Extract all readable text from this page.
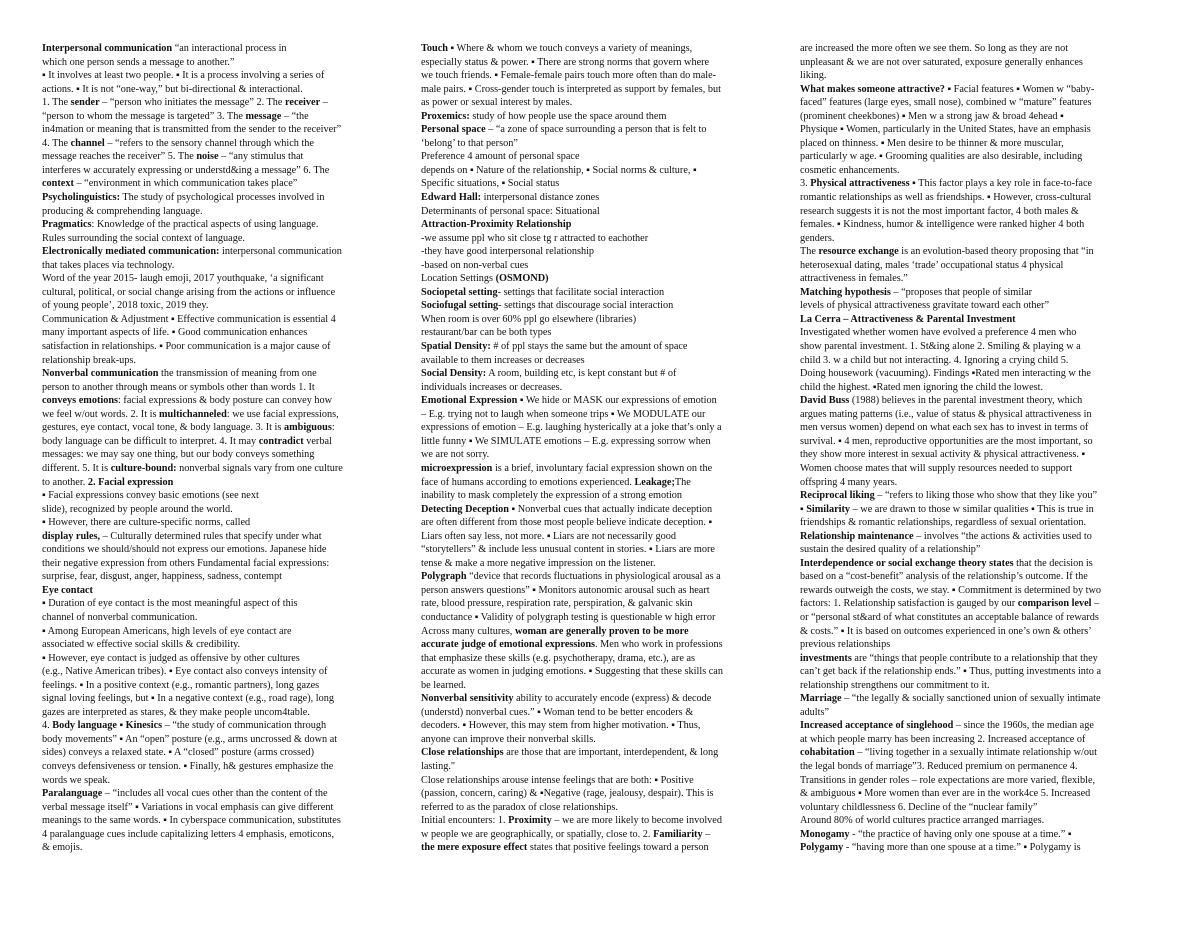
Interpersonal communication “an interactional process in
which one person sends a message to another.”
▪ It involves at least two people. ▪ It is a process involving a series of
actions. ▪ It is not “one-way,” but bi-directional & interactional.
1. The sender – “person who initiates the message” 2. The receiver –
“person to whom the message is targeted” 3. The message – “the
in4mation or meaning that is transmitted from the sender to the receiver”
4. The channel – “refers to the sensory channel through which the
message reaches the receiver” 5. The noise – “any stimulus that
interferes w accurately expressing or understd&ing a message” 6. The
context – “environment in which communication takes place”
Psycholinguistics: The study of psychological processes involved in
producing & comprehending language.
Pragmatics: Knowledge of the practical aspects of using language.
Rules surrounding the social context of language.
Electronically mediated communication: interpersonal communication
that takes places via technology.
Word of the year 2015- laugh emoji, 2017 youthquake, ‘a significant
cultural, political, or social change arising from the actions or influence
of young people’, 2018 toxic, 2019 they.
Communication & Adjustment ▪ Effective communication is essential 4
many important aspects of life. ▪ Good communication enhances
satisfaction in relationships. ▪ Poor communication is a major cause of
relationship break-ups.
Nonverbal communication the transmission of meaning from one
person to another through means or symbols other than words 1. It
conveys emotions: facial expressions & body posture can convey how
we feel w/out words. 2. It is multichanneled: we use facial expressions,
gestures, eye contact, vocal tone, & body language. 3. It is ambiguous:
body language can be difficult to interpret. 4. It may contradict verbal
messages: we may say one thing, but our body conveys something
different. 5. It is culture-bound: nonverbal signals vary from one culture
to another. 2. Facial expression
▪ Facial expressions convey basic emotions (see next
slide), recognized by people around the world.
▪ However, there are culture-specific norms, called
display rules, – Culturally determined rules that specify under what
conditions we should/should not express our emotions. Japanese hide
their negative expression from others Fundamental facial expressions:
surprise, fear, disgust, anger, happiness, sadness, contempt
Eye contact
▪ Duration of eye contact is the most meaningful aspect of this
channel of nonverbal communication.
▪ Among European Americans, high levels of eye contact are
associated w effective social skills & credibility.
▪ However, eye contact is judged as offensive by other cultures
(e.g., Native American tribes). ▪ Eye contact also conveys intensity of
feelings. ▪ In a positive context (e.g., romantic partners), long gazes
signal loving feelings, but ▪ In a negative context (e.g., road rage), long
gazes are interpreted as stares, & they make people uncom4table.
4. Body language ▪ Kinesics – “the study of communication through
body movements” ▪ An “open” posture (e.g., arms uncrossed & down at
sides) conveys a relaxed state. ▪ A “closed” posture (arms crossed)
conveys defensiveness or tension. ▪ Finally, h& gestures emphasize the
words we speak.
Paralanguage – “includes all vocal cues other than the content of the
verbal message itself” ▪ Variations in vocal emphasis can give different
meanings to the same words. ▪ In cyberspace communication, substitutes
4 paralanguage cues include capitalizing letters 4 emphasis, emoticons,
& emojis.
Touch ▪ Where & whom we touch conveys a variety of meanings,
especially status & power. ▪ There are strong norms that govern where
we touch friends. ▪ Female-female pairs touch more often than do male-
male pairs. ▪ Cross-gender touch is interpreted as support by females, but
as power or sexual interest by males.
Proxemics: study of how people use the space around them
Personal space – “a zone of space surrounding a person that is felt to
‘belong’ to that person”
Preference 4 amount of personal space
depends on ▪ Nature of the relationship, ▪ Social norms & culture, ▪
Specific situations, ▪ Social status
Edward Hall: interpersonal distance zones
Determinants of personal space: Situational
Attraction-Proximity Relationship
-we assume ppl who sit close tg r attracted to eachother
-they have good interpersonal relationship
-based on non-verbal cues
Location Settings (OSMOND)
Sociopetal setting- settings that facilitate social interaction
Sociofugal setting- settings that discourage social interaction
When room is over 60% ppl go elsewhere (libraries)
restaurant/bar can be both types
Spatial Density: # of ppl stays the same but the amount of space
available to them increases or decreases
Social Density: A room, building etc, is kept constant but # of
individuals increases or decreases.
Emotional Expression ▪ We hide or MASK our expressions of emotion
– E.g. trying not to laugh when someone trips ▪ We MODULATE our
expressions of emotion – E.g. laughing hysterically at a joke that’s only a
little funny ▪ We SIMULATE emotions – E.g. expressing sorrow when
we are not sorry.
microexpression is a brief, involuntary facial expression shown on the
face of humans according to emotions experienced. Leakage;The
inability to mask completely the expression of a strong emotion
Detecting Deception ▪ Nonverbal cues that actually indicate deception
are often different from those most people believe indicate deception. ▪
Liars often say less, not more. ▪ Liars are not necessarily good
“storytellers” & include less unusual content in stories. ▪ Liars are more
tense & make a more negative impression on the listener.
Polygraph “device that records fluctuations in physiological arousal as a
person answers questions” ▪ Monitors autonomic arousal such as heart
rate, blood pressure, respiration rate, perspiration, & galvanic skin
conductance ▪ Validity of polygraph testing is questionable w high error
Across many cultures, woman are generally proven to be more
accurate judge of emotional expressions. Men who work in professions
that emphasize these skills (e.g. psychotherapy, drama, etc.), are as
accurate as women in judging emotions. ▪ Suggesting that these skills can
be learned.
Nonverbal sensitivity ability to accurately encode (express) & decode
(understd) nonverbal cues.” ▪ Woman tend to be better encoders &
decoders. ▪ However, this may stem from higher motivation. ▪ Thus,
anyone can improve their nonverbal skills.
Close relationships are those that are important, interdependent, & long
lasting."
Close relationships arouse intense feelings that are both: ▪ Positive
(passion, concern, caring) & ▪Negative (rage, jealousy, despair). This is
referred to as the paradox of close relationships.
Initial encounters: 1. Proximity – we are more likely to become involved
w people we are geographically, or spatially, close to. 2. Familiarity –
the mere exposure effect states that positive feelings toward a person
are increased the more often we see them. So long as they are not
unpleasant & we are not over saturated, exposure generally enhances
liking.
What makes someone attractive? ▪ Facial features ▪ Women w “baby-
faced” features (large eyes, small nose), combined w “mature” features
(prominent cheekbones) ▪ Men w a strong jaw & broad 4ehead ▪
Physique ▪ Women, particularly in the United States, have an emphasis
placed on thinness. ▪ Men desire to be thinner & more muscular,
particularly w age. ▪ Grooming qualities are also desirable, including
cosmetic enhancements.
3. Physical attractiveness ▪ This factor plays a key role in face-to-face
romantic relationships as well as friendships. ▪ However, cross-cultural
research suggests it is not the most important factor, 4 both males &
females. ▪ Kindness, humor & intelligence were ranked higher 4 both
genders.
The resource exchange is an evolution-based theory proposing that “in
heterosexual dating, males ‘trade’ occupational status 4 physical
attractiveness in females.”
Matching hypothesis – “proposes that people of similar
levels of physical attractiveness gravitate toward each other”
La Cerra – Attractiveness & Parental Investment
Investigated whether women have evolved a preference 4 men who
show parental investment. 1. St&ing alone 2. Smiling & playing w a
child 3. w a child but not interacting. 4. Ignoring a crying child 5.
Doing housework (vacuuming). Findings ▪Rated men interacting w the
child the highest. ▪Rated men ignoring the child the lowest.
David Buss (1988) believes in the parental investment theory, which
argues mating patterns (i.e., value of status & physical attractiveness in
men versus women) depend on what each sex has to invest in terms of
survival. ▪ 4 men, reproductive opportunities are the most important, so
they show more interest in sexual activity & physical attractiveness. ▪
Women choose mates that will supply resources needed to support
offspring 4 many years.
Reciprocal liking – “refers to liking those who show that they like you”
▪ Similarity – we are drawn to those w similar qualities ▪ This is true in
friendships & romantic relationships, regardless of sexual orientation.
Relationship maintenance – involves “the actions & activities used to
sustain the desired quality of a relationship”
Interdependence or social exchange theory states that the decision is
based on a “cost-benefit” analysis of the relationship’s outcome. If the
rewards outweigh the costs, we stay. ▪ Commitment is determined by two
factors: 1. Relationship satisfaction is gauged by our comparison level –
or “personal st&ard of what constitutes an acceptable balance of rewards
& costs.” ▪ It is based on outcomes experienced in one’s own & others’
previous relationships
investments are “things that people contribute to a relationship that they
can’t get back if the relationship ends.” ▪ Thus, putting investments into a
relationship strengthens our commitment to it.
Marriage – “the legally & socially sanctioned union of sexually intimate
adults”
Increased acceptance of singlehood – since the 1960s, the median age
at which people marry has been increasing 2. Increased acceptance of
cohabitation – “living together in a sexually intimate relationship w/out
the legal bonds of marriage”3. Reduced premium on permanence 4.
Transitions in gender roles – role expectations are more varied, flexible,
& ambiguous ▪ More women than ever are in the work4ce 5. Increased
voluntary childlessness 6. Decline of the “nuclear family”
Around 80% of world cultures practice arranged marriages.
Monogamy - “the practice of having only one spouse at a time.” ▪
Polygamy - “having more than one spouse at a time.” ▪ Polygamy is
